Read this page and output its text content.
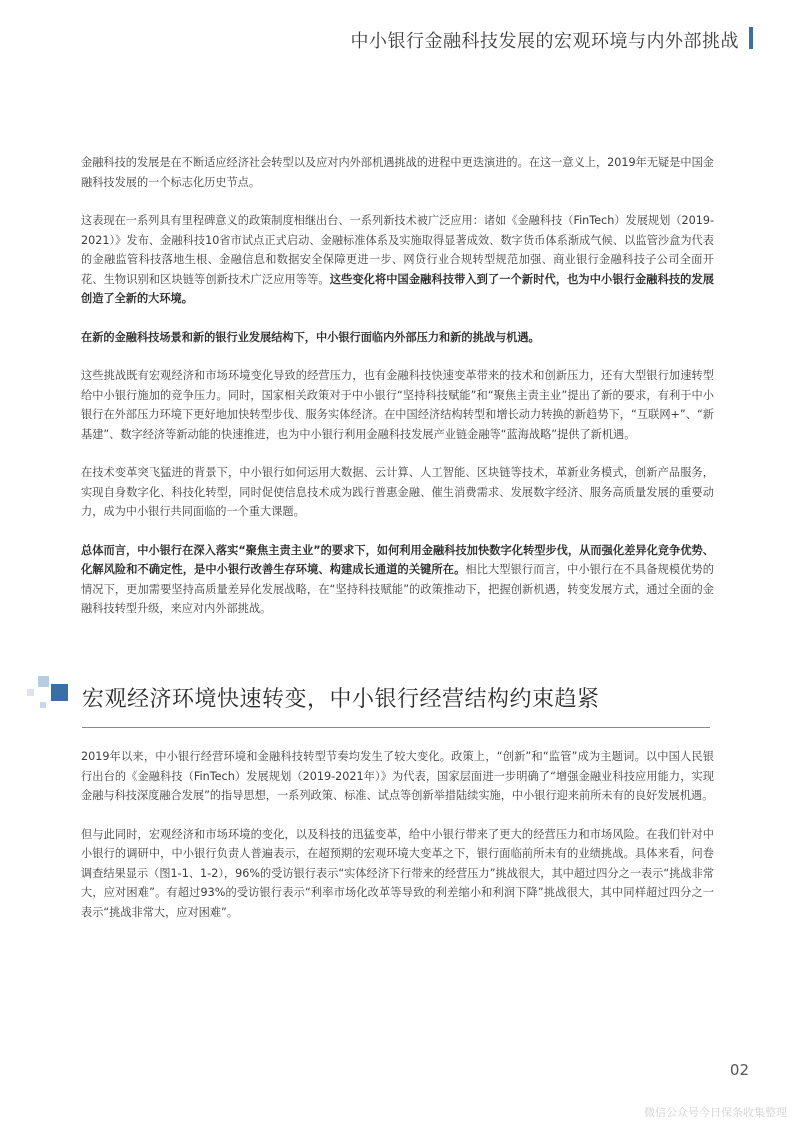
中小银行金融科技发展的宏观环境与内外部挑战

金融科技的发展是在不断适应经济社会转型以及应对内外部机遇挑战的进程中更迭演进的。在这一意义上，2019年无疑是中国金融科技发展的一个标志化历史节点。

这表现在一系列具有里程碑意义的政策制度相继出台、一系列新技术被广泛应用：诸如《金融科技（FinTech）发展规划（2019-2021）》发布、金融科技10省市试点正式启动、金融标准体系及实施取得显著成效、数字货币体系渐成气候、以监管沙盒为代表的金融监管科技落地生根、金融信息和数据安全保障更进一步、网贷行业合规转型规范加强、商业银行金融科技子公司全面开花、生物识别和区块链等创新技术广泛应用等等。这些变化将中国金融科技带入到了一个新时代，也为中小银行金融科技的发展创造了全新的大环境。

在新的金融科技场景和新的银行业发展结构下，中小银行面临内外部压力和新的挑战与机遇。

这些挑战既有宏观经济和市场环境变化导致的经营压力，也有金融科技快速变革带来的技术和创新压力，还有大型银行加速转型给中小银行施加的竞争压力。同时，国家相关政策对于中小银行“坚持科技赋能”和“聚焦主责主业”提出了新的要求，有利于中小银行在外部压力环境下更好地加快转型步伐、服务实体经济。在中国经济结构转型和增长动力转换的新趋势下，“互联网+”、“新基建”、数字经济等新动能的快速推进，也为中小银行利用金融科技发展产业链金融等“蓝海战略”提供了新机遇。

在技术变革突飞猛进的背景下，中小银行如何运用大数据、云计算、人工智能、区块链等技术，革新业务模式，创新产品服务，实现自身数字化、科技化转型，同时促使信息技术成为践行普惠金融、催生消费需求、发展数字经济、服务高质量发展的重要动力，成为中小银行共同面临的一个重大课题。

总体而言，中小银行在深入落实“聚焦主责主业”的要求下，如何利用金融科技加快数字化转型步伐，从而强化差异化竞争优势、化解风险和不确定性，是中小银行改善生存环境、构建成长通道的关键所在。相比大型银行而言，中小银行在不具备规模优势的情况下，更加需要坚持高质量差异化发展战略，在“坚持科技赋能”的政策推动下，把握创新机遇，转变发展方式，通过全面的金融科技转型升级，来应对内外部挑战。

宏观经济环境快速转变，中小银行经营结构约束趋紧

2019年以来，中小银行经营环境和金融科技转型节奏均发生了较大变化。政策上，“创新”和“监管”成为主题词。以中国人民银行出台的《金融科技（FinTech）发展规划（2019-2021年）》为代表，国家层面进一步明确了“增强金融业科技应用能力，实现金融与科技深度融合发展”的指导思想，一系列政策、标准、试点等创新举措陆续实施，中小银行迎来前所未有的良好发展机遇。

但与此同时，宏观经济和市场环境的变化，以及科技的迅猛变革，给中小银行带来了更大的经营压力和市场风险。在我们针对中小银行的调研中，中小银行负责人普遍表示，在超预期的宏观环境大变革之下，银行面临前所未有的业绩挑战。具体来看，问卷调查结果显示（图1-1、1-2），96%的受访银行表示“实体经济下行带来的经营压力”挑战很大，其中超过四分之一表示“挑战非常大，应对困难”。有超过93%的受访银行表示“利率市场化改革等导致的利差缩小和利润下降”挑战很大，其中同样超过四分之一表示“挑战非常大，应对困难”。

02
微信公众号今日保条收集整理
